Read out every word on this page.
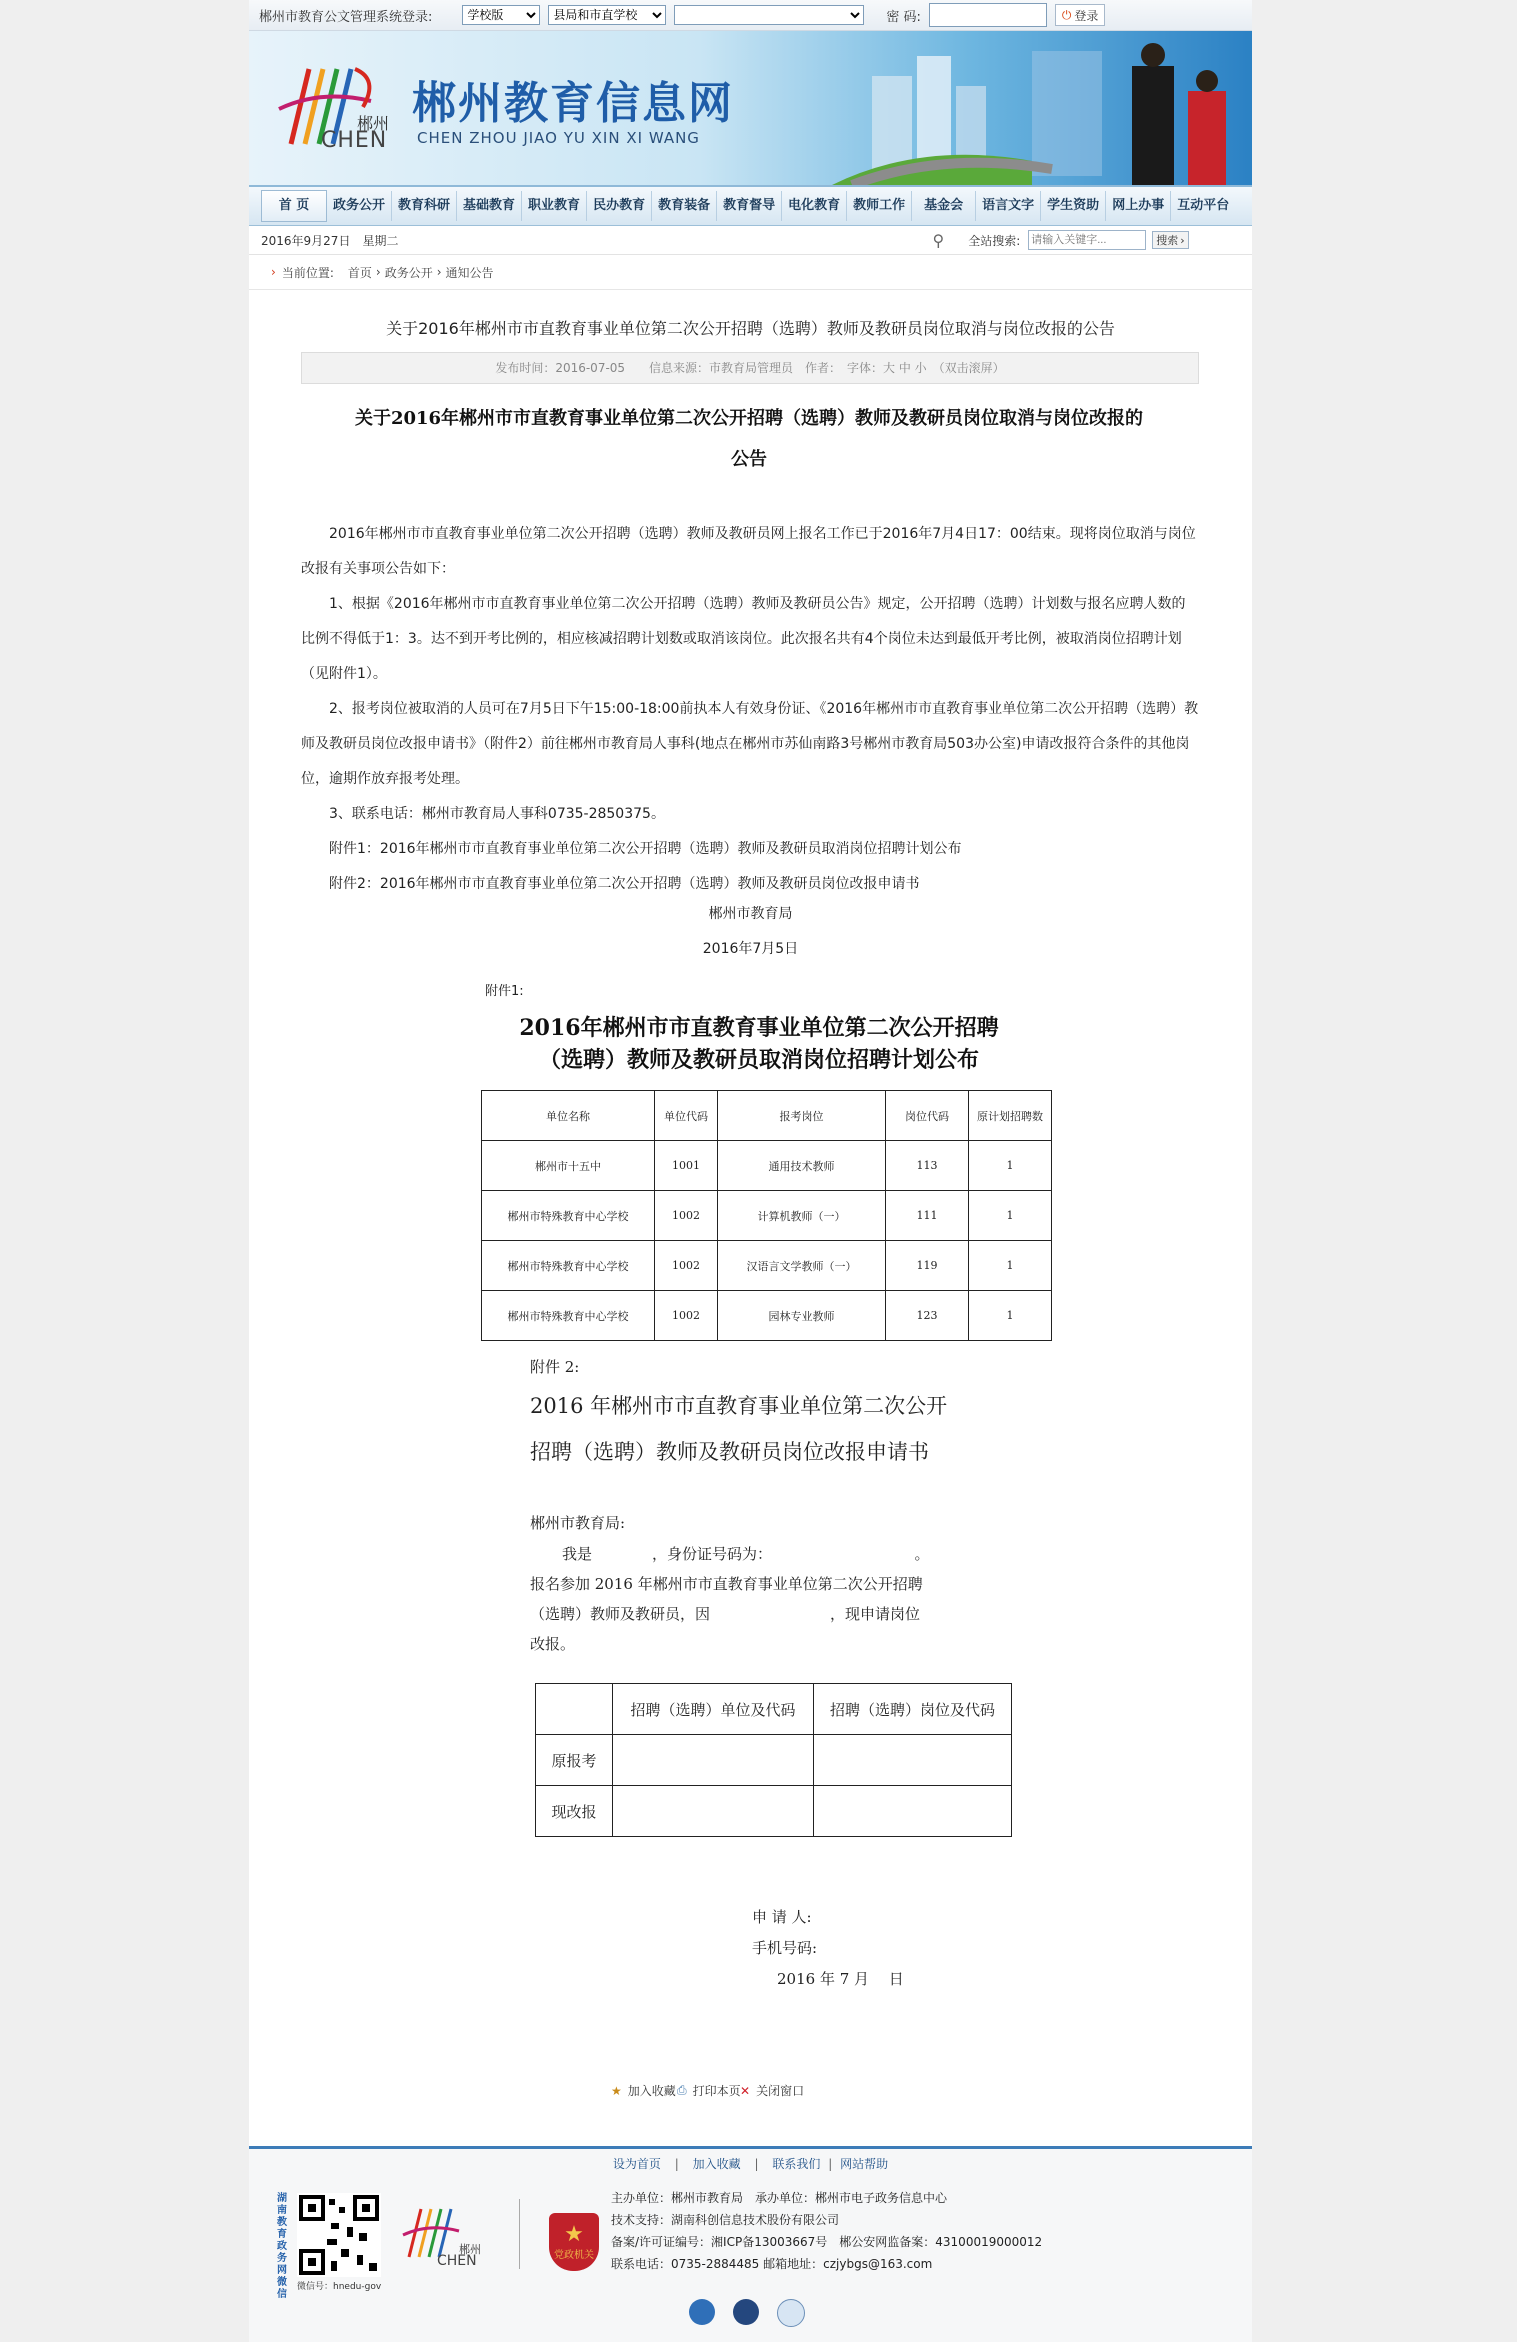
郴州市教育公文管理系统登录:
学校版
县局和市直学校	密 码:	⏻ 登录
郴州
CHEN
郴州教育信息网
CHEN ZHOU JIAO YU XIN XI WANG
首 页	政务公开	教育科研	基础教育	职业教育	民办教育	教育装备	教育督导	电化教育	教师工作	基金会	语言文字	学生资助	网上办事	互动平台
2016年9月27日 星期二	⚲ 全站搜索:
请输入关键字...	搜索 ›
› 当前位置: 首页 › 政务公开 › 通知公告
关于2016年郴州市市直教育事业单位第二次公开招聘（选聘）教师及教研员岗位取消与岗位改报的公告
发布时间：2016-07-05　　信息来源：市教育局管理员　作者：　字体：大 中 小　（双击滚屏）
关于2016年郴州市市直教育事业单位第二次公开招聘（选聘）教师及教研员岗位取消与岗位改报的
公告
2016年郴州市市直教育事业单位第二次公开招聘（选聘）教师及教研员网上报名工作已于2016年7月4日17：00结束。现将岗位取消与岗位改报有关事项公告如下：
1、根据《2016年郴州市市直教育事业单位第二次公开招聘（选聘）教师及教研员公告》规定，公开招聘（选聘）计划数与报名应聘人数的比例不得低于1：3。达不到开考比例的，相应核减招聘计划数或取消该岗位。此次报名共有4个岗位未达到最低开考比例，被取消岗位招聘计划（见附件1）。
2、报考岗位被取消的人员可在7月5日下午15:00-18:00前执本人有效身份证、《2016年郴州市市直教育事业单位第二次公开招聘（选聘）教师及教研员岗位改报申请书》（附件2）前往郴州市教育局人事科(地点在郴州市苏仙南路3号郴州市教育局503办公室)申请改报符合条件的其他岗位，逾期作放弃报考处理。
3、联系电话：郴州市教育局人事科0735-2850375。
附件1：2016年郴州市市直教育事业单位第二次公开招聘（选聘）教师及教研员取消岗位招聘计划公布
附件2：2016年郴州市市直教育事业单位第二次公开招聘（选聘）教师及教研员岗位改报申请书
郴州市教育局
2016年7月5日
附件1:
2016年郴州市市直教育事业单位第二次公开招聘
（选聘）教师及教研员取消岗位招聘计划公布
单位名称	单位代码	报考岗位	岗位代码	原计划招聘数
郴州市十五中	1001	通用技术教师	113	1
郴州市特殊教育中心学校	1002	计算机教师（一）	111	1
郴州市特殊教育中心学校	1002	汉语言文学教师（一）	119	1
郴州市特殊教育中心学校	1002	园林专业教师	123	1
附件 2:
2016 年郴州市市直教育事业单位第二次公开
招聘（选聘）教师及教研员岗位改报申请书
郴州市教育局:
我是　　　　，身份证号码为：　　　　　　　　　　。
报名参加 2016 年郴州市市直教育事业单位第二次公开招聘
（选聘）教师及教研员，因　　　　　　　　，现申请岗位
改报。
	招聘（选聘）单位及代码	招聘（选聘）岗位及代码
原报考		
现改报		
申 请 人:
手机号码:
2016 年 7 月　 日
★ 加入收藏 ⎙ 打印本页 ✕ 关闭窗口
设为首页 | 加入收藏 | 联系我们 | 网站帮助
湖南教育政务网微信
微信号：hnedu-gov
郴州
CHEN
★
党政机关
主办单位：郴州市教育局　承办单位：郴州市电子政务信息中心
技术支持：湖南科创信息技术股份有限公司
备案/许可证编号：湘ICP备13003667号　郴公安网监备案：43100019000012
联系电话：0735-2884485 邮箱地址：czjybgs@163.com
